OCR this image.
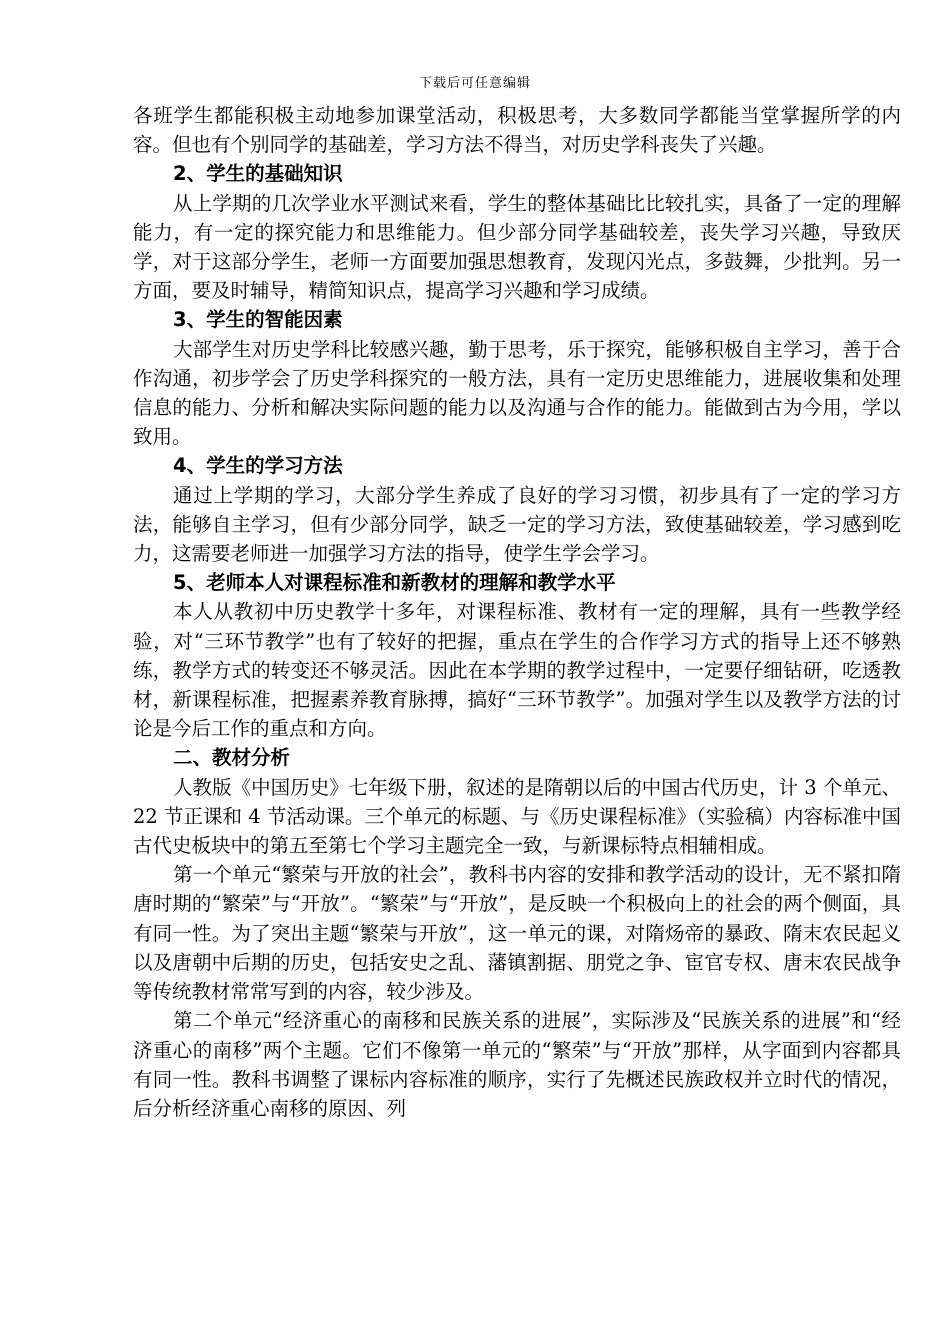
下载后可任意编辑

各班学生都能积极主动地参加课堂活动，积极思考，大多数同学都能当堂掌握所学的内容。但也有个别同学的基础差，学习方法不得当，对历史学科丧失了兴趣。

2、学生的基础知识

从上学期的几次学业水平测试来看，学生的整体基础比比较扎实，具备了一定的理解能力，有一定的探究能力和思维能力。但少部分同学基础较差，丧失学习兴趣，导致厌学，对于这部分学生，老师一方面要加强思想教育，发现闪光点，多鼓舞，少批判。另一方面，要及时辅导，精简知识点，提高学习兴趣和学习成绩。

3、学生的智能因素

大部学生对历史学科比较感兴趣，勤于思考，乐于探究，能够积极自主学习，善于合作沟通，初步学会了历史学科探究的一般方法，具有一定历史思维能力，进展收集和处理信息的能力、分析和解决实际问题的能力以及沟通与合作的能力。能做到古为今用，学以致用。

4、学生的学习方法

通过上学期的学习，大部分学生养成了良好的学习习惯，初步具有了一定的学习方法，能够自主学习，但有少部分同学，缺乏一定的学习方法，致使基础较差，学习感到吃力，这需要老师进一加强学习方法的指导，使学生学会学习。

5、老师本人对课程标准和新教材的理解和教学水平

本人从教初中历史教学十多年，对课程标准、教材有一定的理解，具有一些教学经验，对“三环节教学”也有了较好的把握，重点在学生的合作学习方式的指导上还不够熟练，教学方式的转变还不够灵活。因此在本学期的教学过程中，一定要仔细钻研，吃透教材，新课程标准，把握素养教育脉搏，搞好“三环节教学”。加强对学生以及教学方法的讨论是今后工作的重点和方向。

二、教材分析

人教版《中国历史》七年级下册，叙述的是隋朝以后的中国古代历史，计 3 个单元、22 节正课和 4 节活动课。三个单元的标题、与《历史课程标准》（实验稿）内容标准中国古代史板块中的第五至第七个学习主题完全一致，与新课标特点相辅相成。

第一个单元“繁荣与开放的社会”，教科书内容的安排和教学活动的设计，无不紧扣隋唐时期的“繁荣”与“开放”。“繁荣”与“开放”，是反映一个积极向上的社会的两个侧面，具有同一性。为了突出主题“繁荣与开放”，这一单元的课，对隋炀帝的暴政、隋末农民起义以及唐朝中后期的历史，包括安史之乱、藩镇割据、朋党之争、宦官专权、唐末农民战争等传统教材常常写到的内容，较少涉及。

第二个单元“经济重心的南移和民族关系的进展”，实际涉及“民族关系的进展”和“经济重心的南移”两个主题。它们不像第一单元的“繁荣”与“开放”那样，从字面到内容都具有同一性。教科书调整了课标内容标准的顺序，实行了先概述民族政权并立时代的情况，后分析经济重心南移的原因、列
